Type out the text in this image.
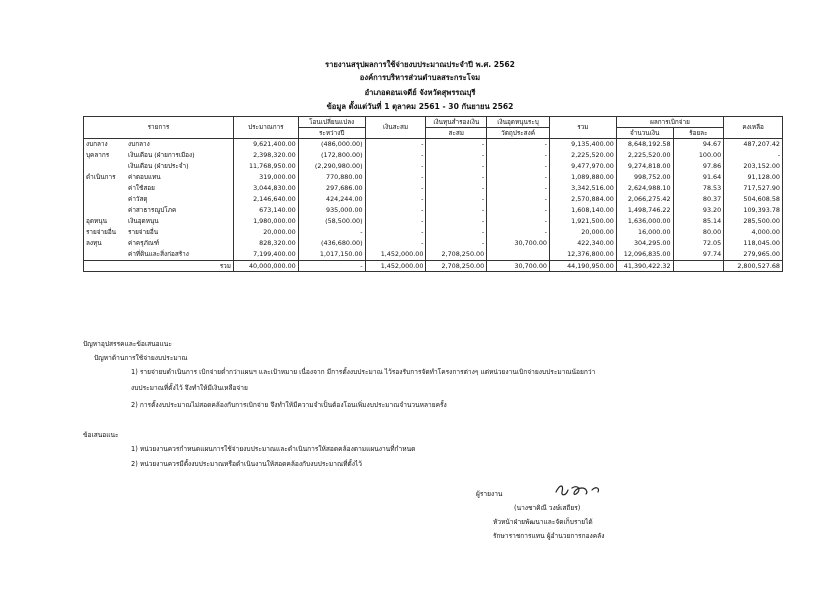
รายงานสรุปผลการใช้จ่ายงบประมาณประจำปี พ.ศ. 2562
องค์การบริหารส่วนตำบลสระกระโจม
อำเภอดอนเจดีย์ จังหวัดสุพรรณบุรี
ข้อมูล ตั้งแต่วันที่ 1 ตุลาคม 2561 - 30 กันยายน 2562
รายการ		ประมาณการ	โอนเปลี่ยนแปลง	เงินสะสม	เงินทุนสำรองเงิน	เงินอุดหนุนระบุ	รวม	ผลการเบิกจ่าย		คงเหลือ
			ระหว่างปี		สะสม	วัตถุประสงค์		จำนวนเงิน	ร้อยละ	
งบกลาง	งบกลาง	9,621,400.00	(486,000.00)	-	-	-	9,135,400.00	8,648,192.58	94.67	487,207.42
บุคลากร	เงินเดือน (ฝ่ายการเมือง)	2,398,320.00	(172,800.00)	-	-	-	2,225,520.00	2,225,520.00	100.00	-
	เงินเดือน (ฝ่ายประจำ)	11,768,950.00	(2,290,980.00)	-	-	-	9,477,970.00	9,274,818.00	97.86	203,152.00
ดำเนินการ	ค่าตอบแทน	319,000.00	770,880.00	-	-	-	1,089,880.00	998,752.00	91.64	91,128.00
	ค่าใช้สอย	3,044,830.00	297,686.00	-	-	-	3,342,516.00	2,624,988.10	78.53	717,527.90
	ค่าวัสดุ	2,146,640.00	424,244.00	-	-	-	2,570,884.00	2,066,275.42	80.37	504,608.58
	ค่าสาธารณูปโภค	673,140.00	935,000.00	-	-	-	1,608,140.00	1,498,746.22	93.20	109,393.78
อุดหนุน	เงินอุดหนุน	1,980,000.00	(58,500.00)	-	-	-	1,921,500.00	1,636,000.00	85.14	285,500.00
รายจ่ายอื่น	รายจ่ายอื่น	20,000.00	-	-	-	-	20,000.00	16,000.00	80.00	4,000.00
ลงทุน	ค่าครุภัณฑ์	828,320.00	(436,680.00)	-	-	30,700.00	422,340.00	304,295.00	72.05	118,045.00
	ค่าที่ดินและสิ่งก่อสร้าง	7,199,400.00	1,017,150.00	1,452,000.00	2,708,250.00		12,376,800.00	12,096,835.00	97.74	279,965.00
รวม		40,000,000.00	-	1,452,000.00	2,708,250.00	30,700.00	44,190,950.00	41,390,422.32		2,800,527.68
ปัญหาอุปสรรคและข้อเสนอแนะ
ปัญหาด้านการใช้จ่ายงบประมาณ
1) รายจ่ายบดำเนินการ เบิกจ่ายต่ำกว่าแผนฯ และเป้าหมาย เนื่องจาก มีการตั้งงบประมาณ ไว้รองรับการจัดทำโครงการต่างๆ แต่หน่วยงานเบิกจ่ายงบประมาณน้อยกว่า
งบประมาณที่ตั้งไว้ จึงทำให้มีเงินเหลือจ่าย
2) การตั้งงบประมาณไม่สอดคล้องกับการเบิกจ่าย จึงทำให้มีความจำเป็นต้องโอนเพิ่มงบประมาณจำนวนหลายครั้ง
ข้อเสนอแนะ
1) หน่วยงานควรกำหนดแผนการใช้จ่ายงบประมาณและดำเนินการให้สอดคล้องตามแผนงานที่กำหนด
2) หน่วยงานควรมีตั้งงบประมาณหรือดำเนินงานให้สอดคล้องกับงบประมาณที่ตั้งไว้
ผู้รายงาน
(นางชาคิณี วงษ์เสถียร)
หัวหน้าฝ่ายพัฒนาและจัดเก็บรายได้
รักษาราชการแทน ผู้อำนวยการกองคลัง
